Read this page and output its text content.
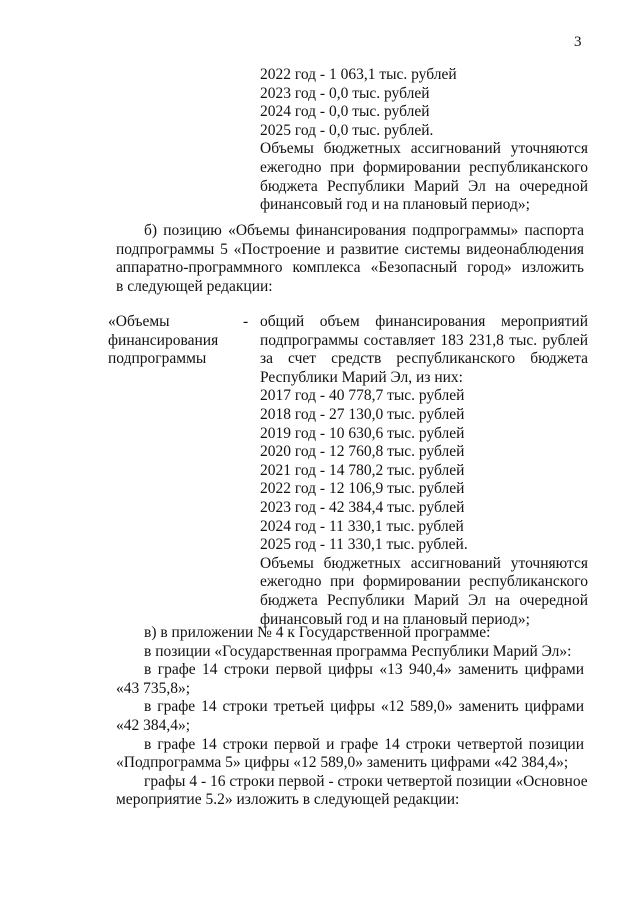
3
2022 год - 1 063,1 тыс. рублей
2023 год - 0,0 тыс. рублей
2024 год - 0,0 тыс. рублей
2025 год - 0,0 тыс. рублей.
Объемы бюджетных ассигнований уточняются
ежегодно при формировании республиканского
бюджета Республики Марий Эл на очередной
финансовый год и на плановый период»;
б) позицию «Объемы финансирования подпрограммы» паспорта
подпрограммы 5 «Построение и развитие системы видеонаблюдения
аппаратно-программного комплекса «Безопасный город» изложить
в следующей редакции:
«Объемы
финансирования
подпрограммы
- общий объем финансирования мероприятий
подпрограммы составляет 183 231,8 тыс. рублей
за счет средств республиканского бюджета
Республики Марий Эл, из них:
2017 год - 40 778,7 тыс. рублей
2018 год - 27 130,0 тыс. рублей
2019 год - 10 630,6 тыс. рублей
2020 год - 12 760,8 тыс. рублей
2021 год - 14 780,2 тыс. рублей
2022 год - 12 106,9 тыс. рублей
2023 год - 42 384,4 тыс. рублей
2024 год - 11 330,1 тыс. рублей
2025 год - 11 330,1 тыс. рублей.
Объемы бюджетных ассигнований уточняются
ежегодно при формировании республиканского
бюджета Республики Марий Эл на очередной
финансовый год и на плановый период»;
в) в приложении № 4 к Государственной программе:
в позиции «Государственная программа Республики Марий Эл»:
в графе 14 строки первой цифры «13 940,4» заменить цифрами
«43 735,8»;
в графе 14 строки третьей цифры «12 589,0» заменить цифрами
«42 384,4»;
в графе 14 строки первой и графе 14 строки четвертой позиции
«Подпрограмма 5» цифры «12 589,0» заменить цифрами «42 384,4»;
графы 4 - 16 строки первой - строки четвертой позиции «Основное
мероприятие 5.2» изложить в следующей редакции:
